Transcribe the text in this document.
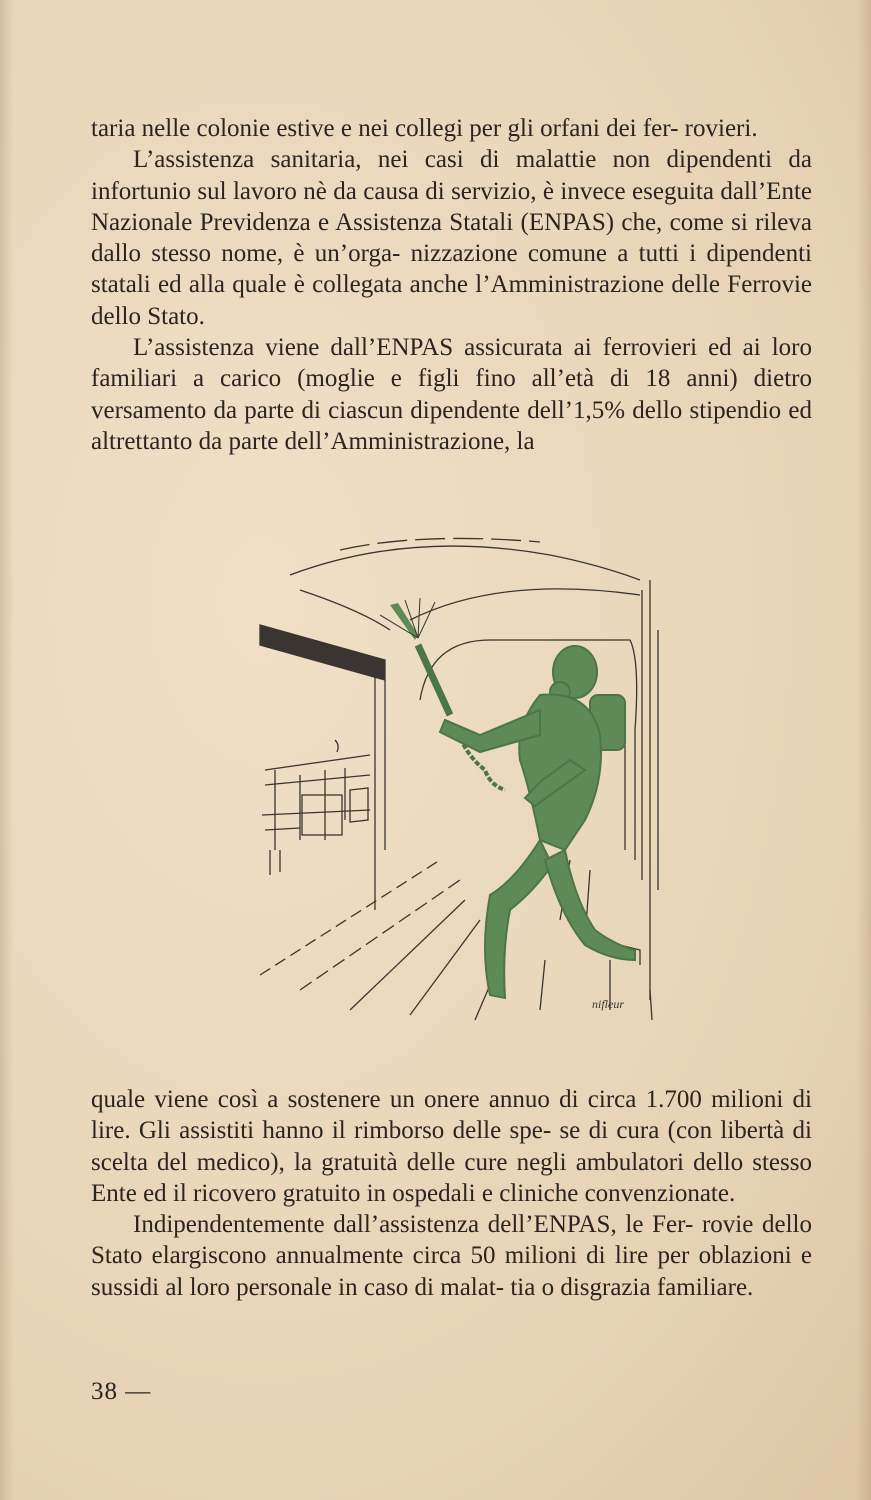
taria nelle colonie estive e nei collegi per gli orfani dei fer- rovieri.

L’assistenza sanitaria, nei casi di malattie non dipendenti da infortunio sul lavoro nè da causa di servizio, è invece eseguita dall’Ente Nazionale Previdenza e Assistenza Statali (ENPAS) che, come si rileva dallo stesso nome, è un’orga- nizzazione comune a tutti i dipendenti statali ed alla quale è collegata anche l’Amministrazione delle Ferrovie dello Stato.

L’assistenza viene dall’ENPAS assicurata ai ferrovieri ed ai loro familiari a carico (moglie e figli fino all’età di 18 anni) dietro versamento da parte di ciascun dipendente dell’1,5% dello stipendio ed altrettanto da parte dell’Amministrazione, la

nifleur

quale viene così a sostenere un onere annuo di circa 1.700 milioni di lire. Gli assistiti hanno il rimborso delle spe- se di cura (con libertà di scelta del medico), la gratuità delle cure negli ambulatori dello stesso Ente ed il ricovero gratuito in ospedali e cliniche convenzionate.

Indipendentemente dall’assistenza dell’ENPAS, le Fer- rovie dello Stato elargiscono annualmente circa 50 milioni di lire per oblazioni e sussidi al loro personale in caso di malat- tia o disgrazia familiare.

38 —
